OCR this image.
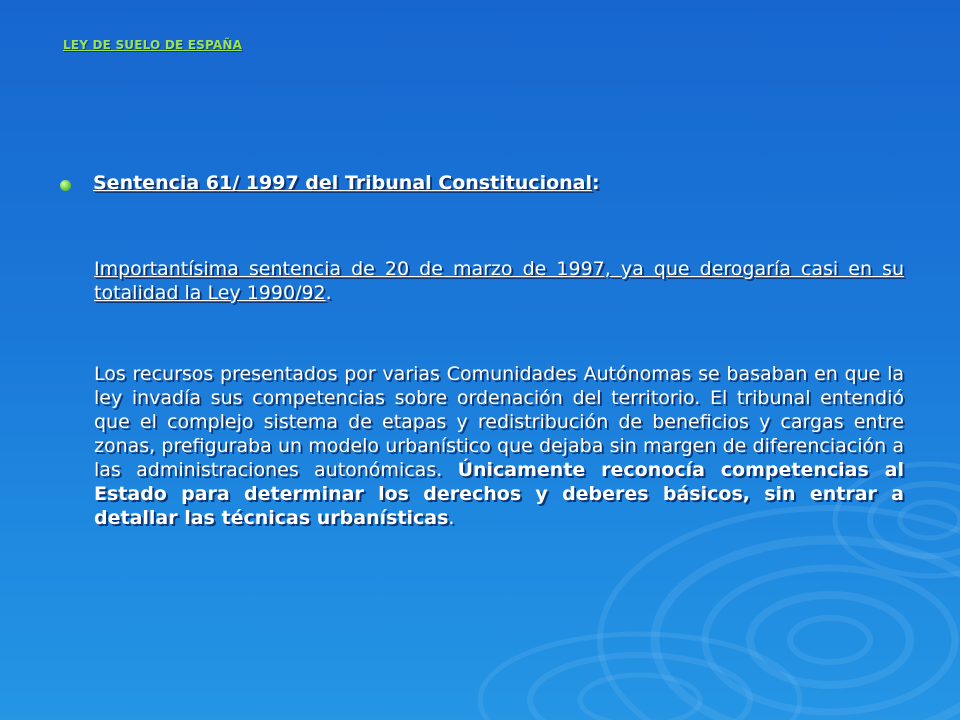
LEY DE SUELO DE ESPAÑA
Sentencia 61/ 1997 del Tribunal Constitucional:
Importantísima sentencia de 20 de marzo de 1997, ya que derogaría casi en su totalidad la Ley 1990/92.
Los recursos presentados por varias Comunidades Autónomas se basaban en que la ley invadía sus competencias sobre ordenación del territorio. El tribunal entendió que el complejo sistema de etapas y redistribución de beneficios y cargas entre zonas, prefiguraba un modelo urbanístico que dejaba sin margen de diferenciación a las administraciones autonómicas. Únicamente reconocía competencias al Estado para determinar los derechos y deberes básicos, sin entrar a detallar las técnicas urbanísticas.
